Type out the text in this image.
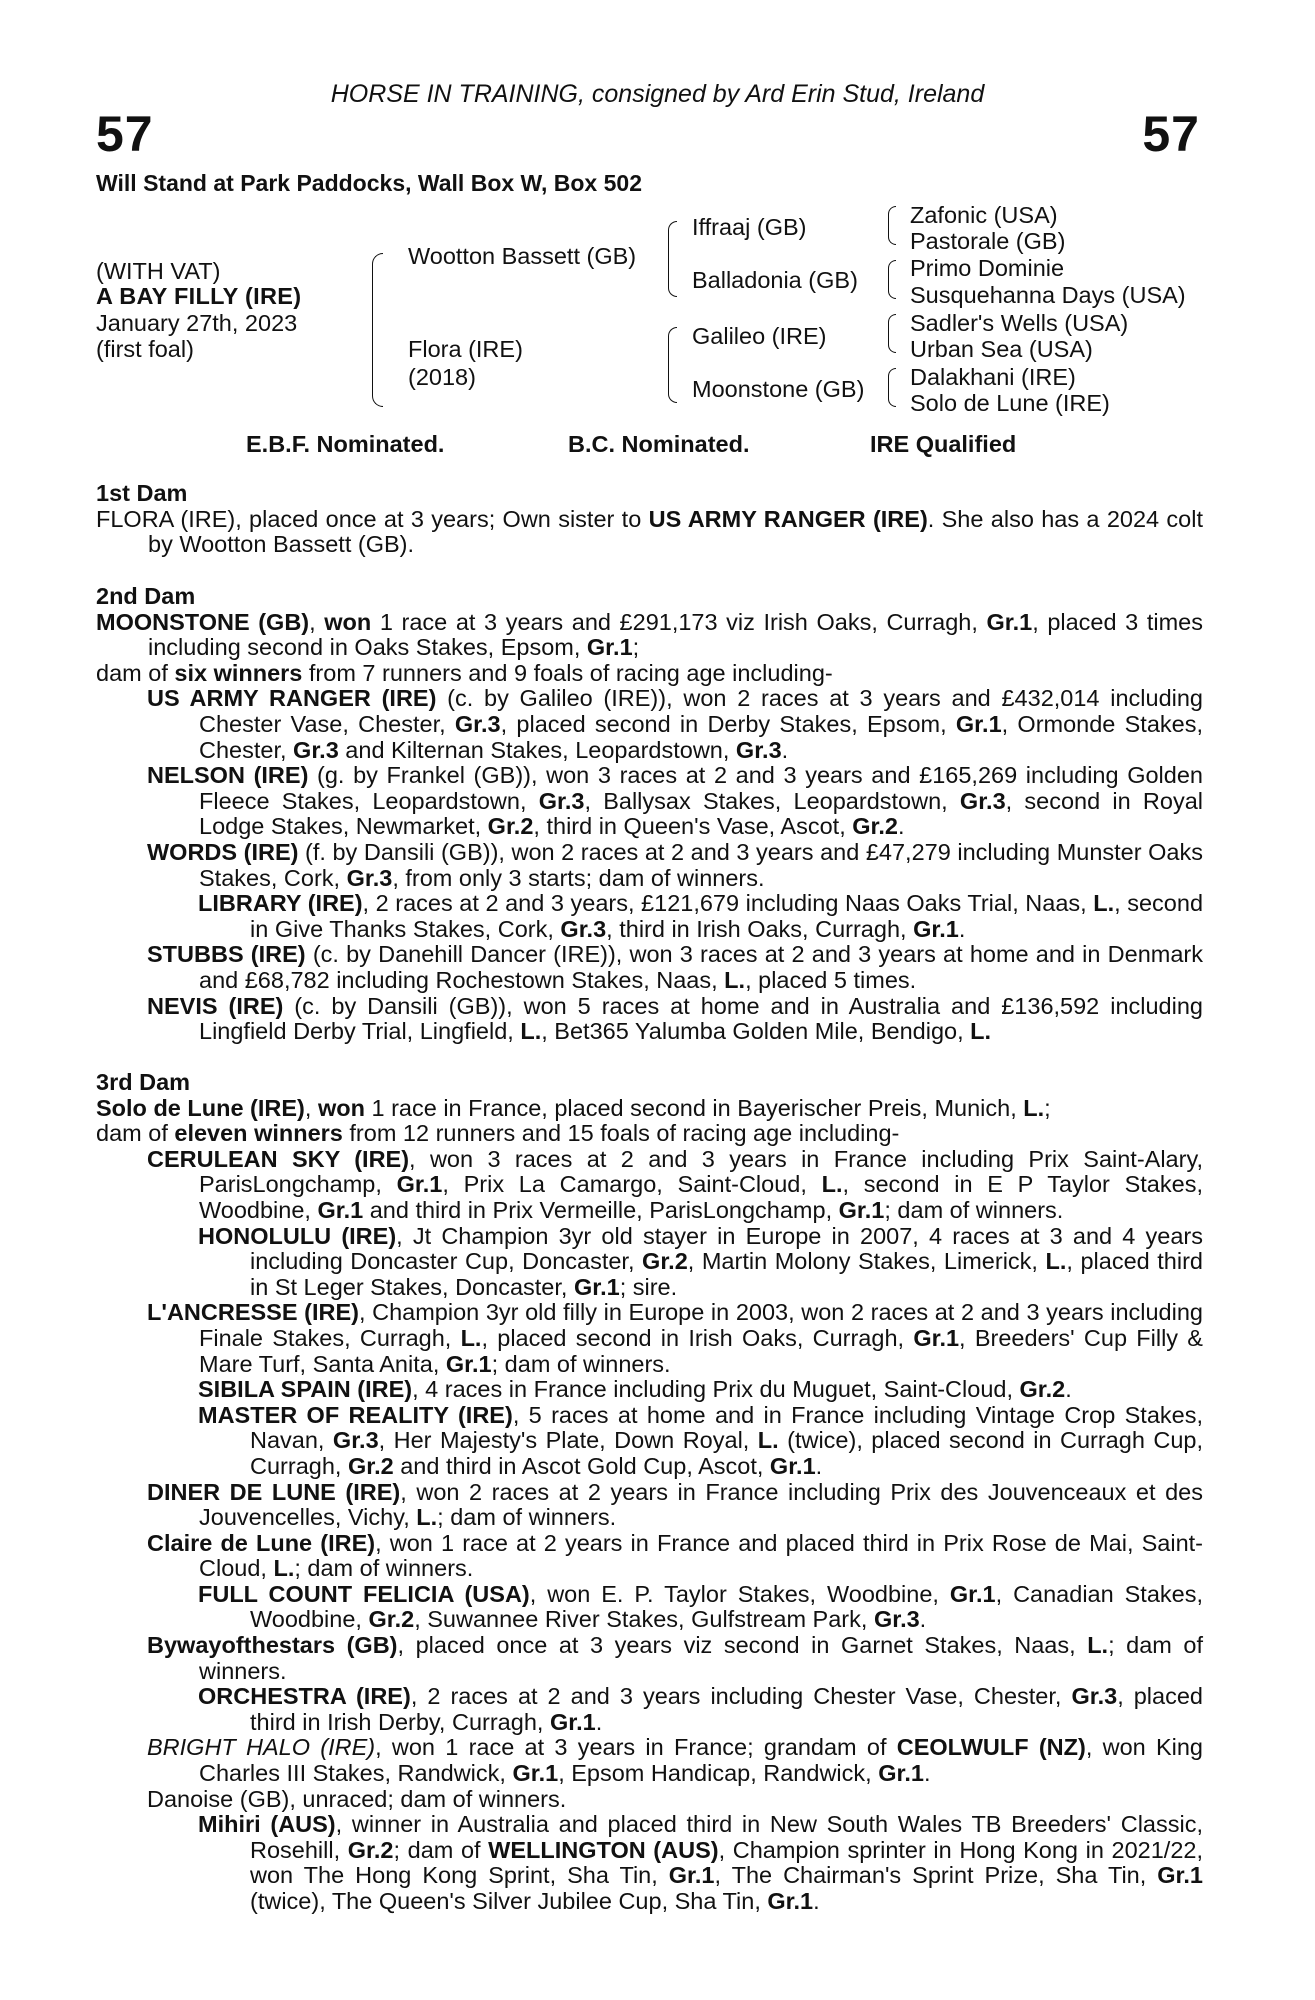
HORSE IN TRAINING, consigned by Ard Erin Stud, Ireland
57	57
Will Stand at Park Paddocks, Wall Box W, Box 502
(WITH VAT)
A BAY FILLY (IRE)
January 27th, 2023
(first foal)
Wootton Bassett (GB)
Flora (IRE)
(2018)
Iffraaj (GB)
Balladonia (GB)
Galileo (IRE)
Moonstone (GB)
Zafonic (USA)
Pastorale (GB)
Primo Dominie
Susquehanna Days (USA)
Sadler's Wells (USA)
Urban Sea (USA)
Dalakhani (IRE)
Solo de Lune (IRE)
E.B.F. Nominated.	B.C. Nominated.	IRE Qualified
1st Dam

FLORA (IRE), placed once at 3 years; Own sister to US ARMY RANGER (IRE). She also has a 2024 colt by Wootton Bassett (GB).

2nd Dam

MOONSTONE (GB), won 1 race at 3 years and £291,173 viz Irish Oaks, Curragh, Gr.1, placed 3 times including second in Oaks Stakes, Epsom, Gr.1;

dam of six winners from 7 runners and 9 foals of racing age including-

US ARMY RANGER (IRE) (c. by Galileo (IRE)), won 2 races at 3 years and £432,014 including Chester Vase, Chester, Gr.3, placed second in Derby Stakes, Epsom, Gr.1, Ormonde Stakes, Chester, Gr.3 and Kilternan Stakes, Leopardstown, Gr.3.

NELSON (IRE) (g. by Frankel (GB)), won 3 races at 2 and 3 years and £165,269 including Golden Fleece Stakes, Leopardstown, Gr.3, Ballysax Stakes, Leopardstown, Gr.3, second in Royal Lodge Stakes, Newmarket, Gr.2, third in Queen's Vase, Ascot, Gr.2.

WORDS (IRE) (f. by Dansili (GB)), won 2 races at 2 and 3 years and £47,279 including Munster Oaks Stakes, Cork, Gr.3, from only 3 starts; dam of winners.

LIBRARY (IRE), 2 races at 2 and 3 years, £121,679 including Naas Oaks Trial, Naas, L., second in Give Thanks Stakes, Cork, Gr.3, third in Irish Oaks, Curragh, Gr.1.

STUBBS (IRE) (c. by Danehill Dancer (IRE)), won 3 races at 2 and 3 years at home and in Denmark and £68,782 including Rochestown Stakes, Naas, L., placed 5 times.

NEVIS (IRE) (c. by Dansili (GB)), won 5 races at home and in Australia and £136,592 including Lingfield Derby Trial, Lingfield, L., Bet365 Yalumba Golden Mile, Bendigo, L.

3rd Dam

Solo de Lune (IRE), won 1 race in France, placed second in Bayerischer Preis, Munich, L.;

dam of eleven winners from 12 runners and 15 foals of racing age including-

CERULEAN SKY (IRE), won 3 races at 2 and 3 years in France including Prix Saint-Alary, ParisLongchamp, Gr.1, Prix La Camargo, Saint-Cloud, L., second in E P Taylor Stakes, Woodbine, Gr.1 and third in Prix Vermeille, ParisLongchamp, Gr.1; dam of winners.

HONOLULU (IRE), Jt Champion 3yr old stayer in Europe in 2007, 4 races at 3 and 4 years including Doncaster Cup, Doncaster, Gr.2, Martin Molony Stakes, Limerick, L., placed third in St Leger Stakes, Doncaster, Gr.1; sire.

L'ANCRESSE (IRE), Champion 3yr old filly in Europe in 2003, won 2 races at 2 and 3 years including Finale Stakes, Curragh, L., placed second in Irish Oaks, Curragh, Gr.1, Breeders' Cup Filly & Mare Turf, Santa Anita, Gr.1; dam of winners.

SIBILA SPAIN (IRE), 4 races in France including Prix du Muguet, Saint-Cloud, Gr.2.

MASTER OF REALITY (IRE), 5 races at home and in France including Vintage Crop Stakes, Navan, Gr.3, Her Majesty's Plate, Down Royal, L. (twice), placed second in Curragh Cup, Curragh, Gr.2 and third in Ascot Gold Cup, Ascot, Gr.1.

DINER DE LUNE (IRE), won 2 races at 2 years in France including Prix des Jouvenceaux et des Jouvencelles, Vichy, L.; dam of winners.

Claire de Lune (IRE), won 1 race at 2 years in France and placed third in Prix Rose de Mai, Saint-Cloud, L.; dam of winners.

FULL COUNT FELICIA (USA), won E. P. Taylor Stakes, Woodbine, Gr.1, Canadian Stakes, Woodbine, Gr.2, Suwannee River Stakes, Gulfstream Park, Gr.3.

Bywayofthestars (GB), placed once at 3 years viz second in Garnet Stakes, Naas, L.; dam of winners.

ORCHESTRA (IRE), 2 races at 2 and 3 years including Chester Vase, Chester, Gr.3, placed third in Irish Derby, Curragh, Gr.1.

BRIGHT HALO (IRE), won 1 race at 3 years in France; grandam of CEOLWULF (NZ), won King Charles III Stakes, Randwick, Gr.1, Epsom Handicap, Randwick, Gr.1.

Danoise (GB), unraced; dam of winners.

Mihiri (AUS), winner in Australia and placed third in New South Wales TB Breeders' Classic, Rosehill, Gr.2; dam of WELLINGTON (AUS), Champion sprinter in Hong Kong in 2021/22, won The Hong Kong Sprint, Sha Tin, Gr.1, The Chairman's Sprint Prize, Sha Tin, Gr.1 (twice), The Queen's Silver Jubilee Cup, Sha Tin, Gr.1.
